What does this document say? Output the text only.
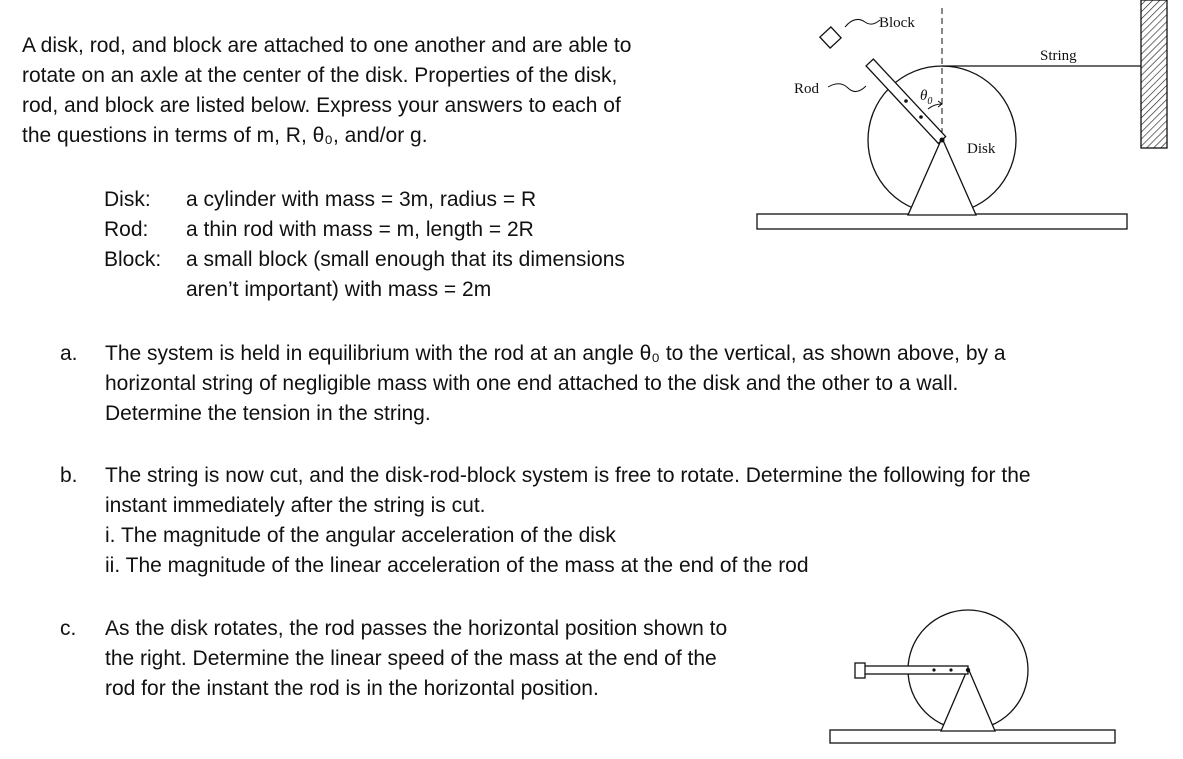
A disk, rod, and block are attached to one another and are able to
rotate on an axle at the center of the disk. Properties of the disk,
rod, and block are listed below. Express your answers to each of
the questions in terms of m, R, θ₀, and/or g.
Disk:	a cylinder with mass = 3m, radius = R
Rod:	a thin rod with mass = m, length = 2R
Block:	a small block (small enough that its dimensions
aren’t important) with mass = 2m
a. The system is held in equilibrium with the rod at an angle θ₀ to the vertical, as shown above, by a
horizontal string of negligible mass with one end attached to the disk and the other to a wall.
Determine the tension in the string.
b. The string is now cut, and the disk-rod-block system is free to rotate. Determine the following for the
instant immediately after the string is cut.
i. The magnitude of the angular acceleration of the disk
ii. The magnitude of the linear acceleration of the mass at the end of the rod
c. As the disk rotates, the rod passes the horizontal position shown to
the right. Determine the linear speed of the mass at the end of the
rod for the instant the rod is in the horizontal position.
Block
String
Rod
Disk
$\theta_0$
